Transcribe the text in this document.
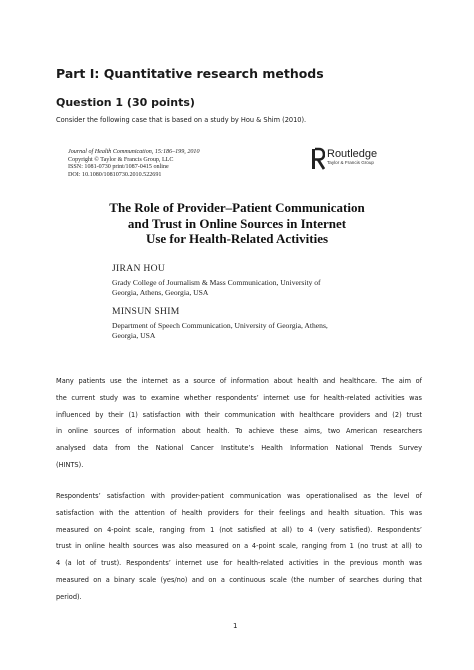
Part I: Quantitative research methods
Question 1 (30 points)
Consider the following case that is based on a study by Hou & Shim (2010).
Journal of Health Communication, 15:186–199, 2010
Copyright © Taylor & Francis Group, LLC
ISSN: 1081-0730 print/1087-0415 online
DOI: 10.1080/10810730.2010.522691
Routledge
Taylor & Francis Group
The Role of Provider–Patient Communication
and Trust in Online Sources in Internet
Use for Health-Related Activities
JIRAN HOU
Grady College of Journalism & Mass Communication, University of
Georgia, Athens, Georgia, USA
MINSUN SHIM
Department of Speech Communication, University of Georgia, Athens,
Georgia, USA
Many patients use the internet as a source of information about health and healthcare. The aim of
the current study was to examine whether respondents’ internet use for health-related activities was
influenced by their (1) satisfaction with their communication with healthcare providers and (2) trust
in online sources of information about health. To achieve these aims, two American researchers
analysed data from the National Cancer Institute’s Health Information National Trends Survey
(HINTS).
Respondents’ satisfaction with provider-patient communication was operationalised as the level of
satisfaction with the attention of health providers for their feelings and health situation. This was
measured on 4-point scale, ranging from 1 (not satisfied at all) to 4 (very satisfied). Respondents’
trust in online health sources was also measured on a 4-point scale, ranging from 1 (no trust at all) to
4 (a lot of trust). Respondents’ internet use for health-related activities in the previous month was
measured on a binary scale (yes/no) and on a continuous scale (the number of searches during that
period).
1
